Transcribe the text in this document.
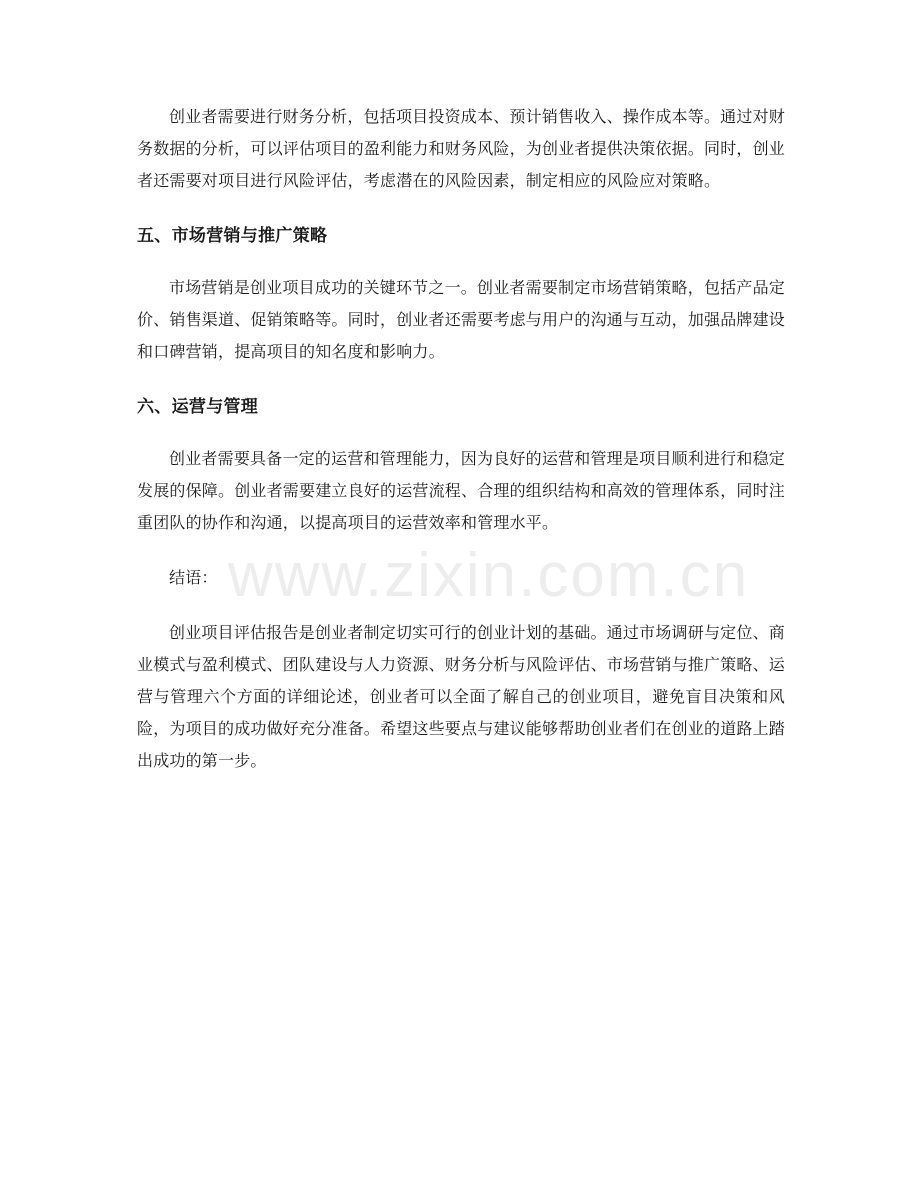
创业者需要进行财务分析，包括项目投资成本、预计销售收入、操作成本等。通过对财务数据的分析，可以评估项目的盈利能力和财务风险，为创业者提供决策依据。同时，创业者还需要对项目进行风险评估，考虑潜在的风险因素，制定相应的风险应对策略。

五、市场营销与推广策略

市场营销是创业项目成功的关键环节之一。创业者需要制定市场营销策略，包括产品定价、销售渠道、促销策略等。同时，创业者还需要考虑与用户的沟通与互动，加强品牌建设和口碑营销，提高项目的知名度和影响力。

六、运营与管理

创业者需要具备一定的运营和管理能力，因为良好的运营和管理是项目顺利进行和稳定发展的保障。创业者需要建立良好的运营流程、合理的组织结构和高效的管理体系，同时注重团队的协作和沟通，以提高项目的运营效率和管理水平。

结语：

创业项目评估报告是创业者制定切实可行的创业计划的基础。通过市场调研与定位、商业模式与盈利模式、团队建设与人力资源、财务分析与风险评估、市场营销与推广策略、运营与管理六个方面的详细论述，创业者可以全面了解自己的创业项目，避免盲目决策和风险，为项目的成功做好充分准备。希望这些要点与建议能够帮助创业者们在创业的道路上踏出成功的第一步。

www.zixin.com.cn
